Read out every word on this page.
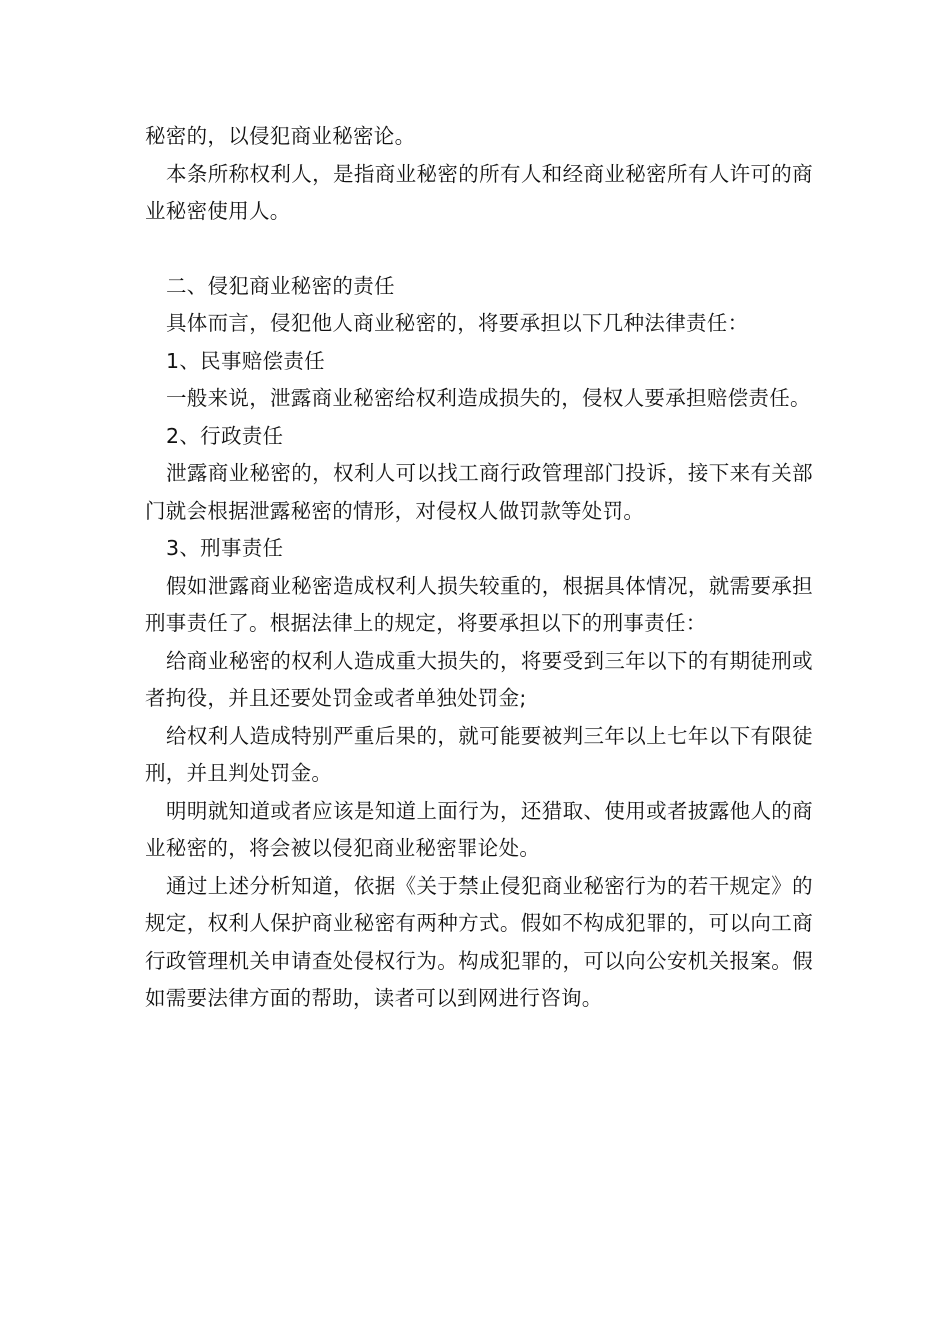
秘密的，以侵犯商业秘密论。

本条所称权利人，是指商业秘密的所有人和经商业秘密所有人许可的商业秘密使用人。

二、侵犯商业秘密的责任

具体而言，侵犯他人商业秘密的，将要承担以下几种法律责任：

1、民事赔偿责任

一般来说，泄露商业秘密给权利造成损失的，侵权人要承担赔偿责任。

2、行政责任

泄露商业秘密的，权利人可以找工商行政管理部门投诉，接下来有关部门就会根据泄露秘密的情形，对侵权人做罚款等处罚。

3、刑事责任

假如泄露商业秘密造成权利人损失较重的，根据具体情况，就需要承担刑事责任了。根据法律上的规定，将要承担以下的刑事责任：

给商业秘密的权利人造成重大损失的，将要受到三年以下的有期徒刑或者拘役，并且还要处罚金或者单独处罚金;

给权利人造成特别严重后果的，就可能要被判三年以上七年以下有限徒刑，并且判处罚金。

明明就知道或者应该是知道上面行为，还猎取、使用或者披露他人的商业秘密的，将会被以侵犯商业秘密罪论处。

通过上述分析知道，依据《关于禁止侵犯商业秘密行为的若干规定》的规定，权利人保护商业秘密有两种方式。假如不构成犯罪的，可以向工商行政管理机关申请查处侵权行为。构成犯罪的，可以向公安机关报案。假如需要法律方面的帮助，读者可以到网进行咨询。
